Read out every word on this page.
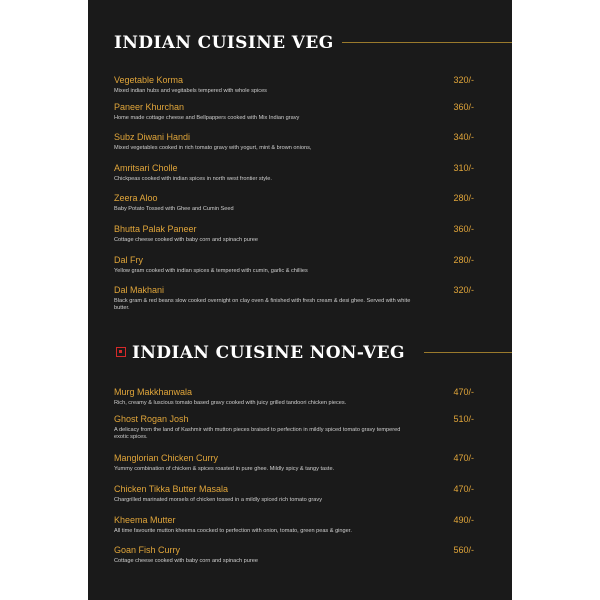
INDIAN CUISINE VEG
Vegetable Korma
Mixed indian hubs and vegitabels tempered with whole spices
320/-
Paneer Khurchan
Home made cottage cheese and Bellpappers cooked with Mix Indian gravy
360/-
Subz Diwani Handi
Mixed vegetables cooked in rich tomato gravy with yogurt, mint & brown onions,
340/-
Amritsari Cholle
Chickpeas cooked with indian spices in north west frontier style.
310/-
Zeera Aloo
Baby Potato Tossed with Ghee and Cumin Seed
280/-
Bhutta Palak Paneer
Cottage cheese cooked with baby corn and spinach puree
360/-
Dal Fry
Yellow gram cooked with indian spices & tempered with cumin, garlic & chillies
280/-
Dal Makhani
Black gram & red beans slow cooked overnight on clay oven & finished with fresh cream & desi ghee. Served with white butter.
320/-
INDIAN CUISINE NON-VEG
Murg Makkhanwala
Rich, creamy & luscious tomato based gravy cooked with juicy grilled tandoori chicken pieces.
470/-
Ghost Rogan Josh
A delicacy from the land of Kashmir with mutton pieces braised to perfection in mildly spiced tomato gravy tempered exotic spices.
510/-
Manglorian Chicken Curry
Yummy combination of chicken & spices roasted in pure ghee. Mildly spicy & tangy taste.
470/-
Chicken Tikka Butter Masala
Chargrilled marinated morsels of chicken tossed in a mildly spiced rich tomato gravy
470/-
Kheema Mutter
All time favourite mutton kheema coocked to perfection with onion, tomato, green peas & ginger.
490/-
Goan Fish Curry
Cottage cheese cooked with baby corn and spinach puree
560/-
